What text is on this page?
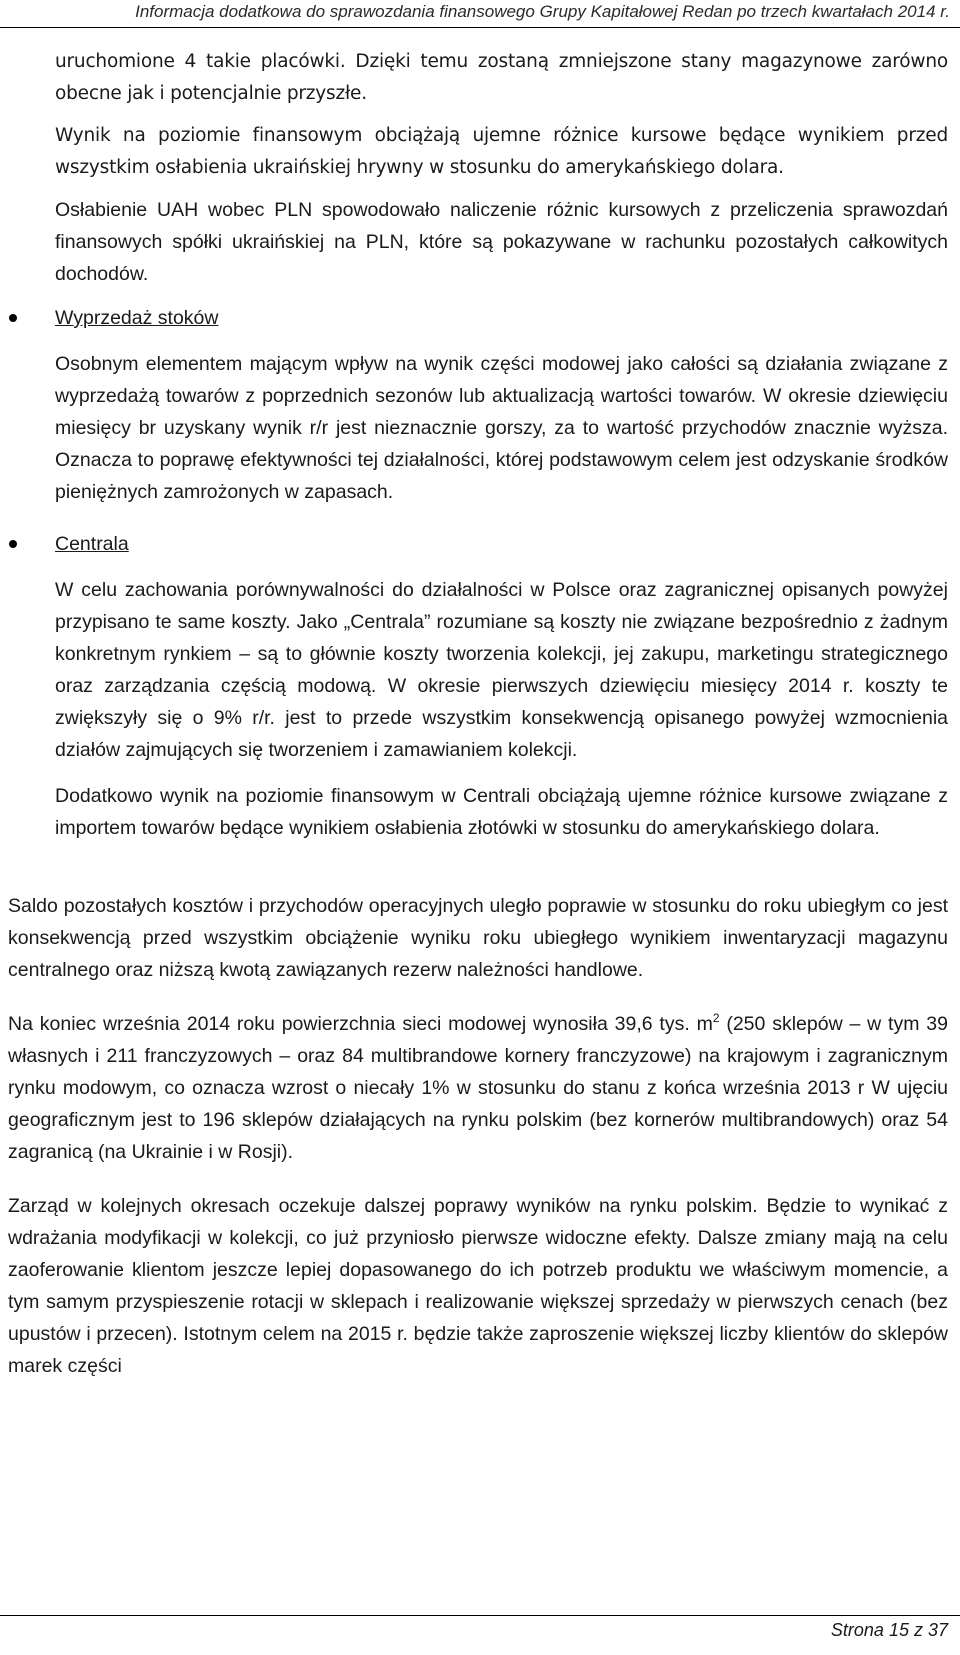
Informacja dodatkowa do sprawozdania finansowego Grupy Kapitałowej Redan po trzech kwartałach 2014 r.

uruchomione 4 takie placówki. Dzięki temu zostaną zmniejszone stany magazynowe zarówno obecne jak i potencjalnie przyszłe.

Wynik na poziomie finansowym obciążają ujemne różnice kursowe będące wynikiem przed wszystkim osłabienia ukraińskiej hrywny w stosunku do amerykańskiego dolara.

Osłabienie UAH wobec PLN spowodowało naliczenie różnic kursowych z przeliczenia sprawozdań finansowych spółki ukraińskiej na PLN, które są pokazywane w rachunku pozostałych całkowitych dochodów.

Wyprzedaż stoków

Osobnym elementem mającym wpływ na wynik części modowej jako całości są działania związane z wyprzedażą towarów z poprzednich sezonów lub aktualizacją wartości towarów. W okresie dziewięciu miesięcy br uzyskany wynik r/r jest nieznacznie gorszy, za to wartość przychodów znacznie wyższa. Oznacza to poprawę efektywności tej działalności, której podstawowym celem jest odzyskanie środków pieniężnych zamrożonych w zapasach.

Centrala

W celu zachowania porównywalności do działalności w Polsce oraz zagranicznej opisanych powyżej przypisano te same koszty. Jako „Centrala” rozumiane są koszty nie związane bezpośrednio z żadnym konkretnym rynkiem – są to głównie koszty tworzenia kolekcji, jej zakupu, marketingu strategicznego oraz zarządzania częścią modową. W okresie pierwszych dziewięciu miesięcy 2014 r. koszty te zwiększyły się o 9% r/r. jest to przede wszystkim konsekwencją opisanego powyżej wzmocnienia działów zajmujących się tworzeniem i zamawianiem kolekcji.

Dodatkowo wynik na poziomie finansowym w Centrali obciążają ujemne różnice kursowe związane z importem towarów będące wynikiem osłabienia złotówki w stosunku do amerykańskiego dolara.

Saldo pozostałych kosztów i przychodów operacyjnych uległo poprawie w stosunku do roku ubiegłym co jest konsekwencją przed wszystkim obciążenie wyniku roku ubiegłego wynikiem inwentaryzacji magazynu centralnego oraz niższą kwotą zawiązanych rezerw należności handlowe.

Na koniec września 2014 roku powierzchnia sieci modowej wynosiła 39,6 tys. $m^2$ (250 sklepów – w tym 39 własnych i 211 franczyzowych – oraz 84 multibrandowe kornery franczyzowe) na krajowym i zagranicznym rynku modowym, co oznacza wzrost o niecały 1% w stosunku do stanu z końca września 2013 r W ujęciu geograficznym jest to 196 sklepów działających na rynku polskim (bez kornerów multibrandowych) oraz 54 zagranicą (na Ukrainie i w Rosji).

Zarząd w kolejnych okresach oczekuje dalszej poprawy wyników na rynku polskim. Będzie to wynikać z wdrażania modyfikacji w kolekcji, co już przyniosło pierwsze widoczne efekty. Dalsze zmiany mają na celu zaoferowanie klientom jeszcze lepiej dopasowanego do ich potrzeb produktu we właściwym momencie, a tym samym przyspieszenie rotacji w sklepach i realizowanie większej sprzedaży w pierwszych cenach (bez upustów i przecen). Istotnym celem na 2015 r. będzie także zaproszenie większej liczby klientów do sklepów marek części

Strona 15 z 37
